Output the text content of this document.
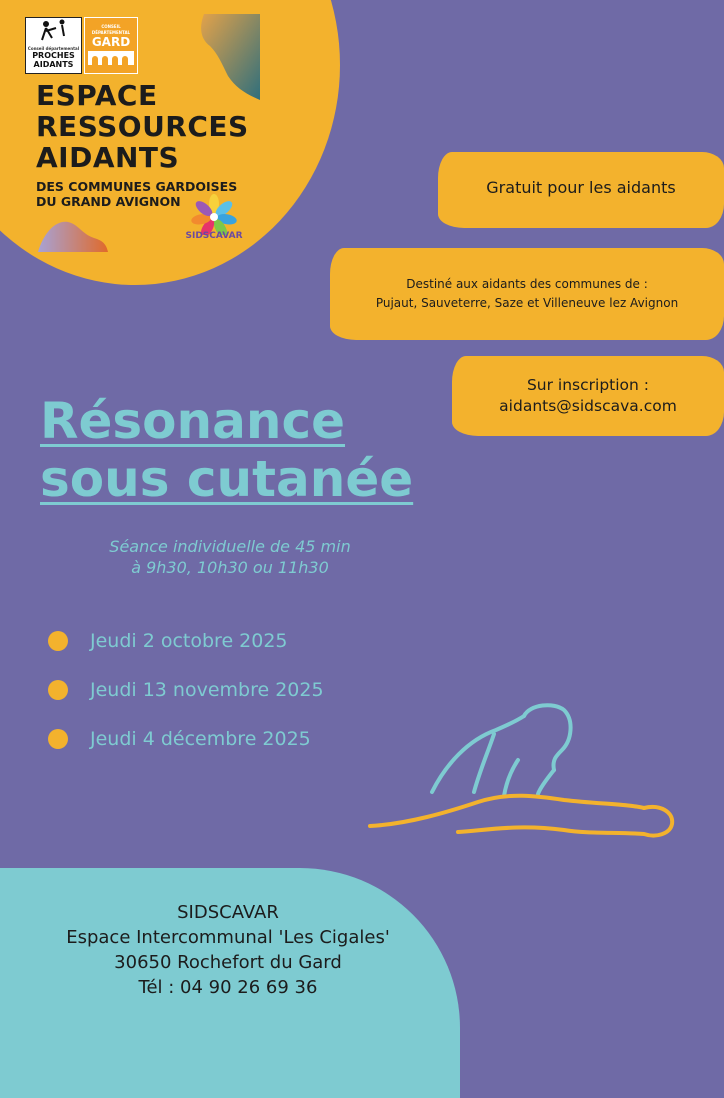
Conseil départemental
PROCHES
AIDANTS
CONSEIL DÉPARTEMENTAL
GARD
ESPACE
RESSOURCES
AIDANTS
DES COMMUNES GARDOISES
DU GRAND AVIGNON
SIDSCAVAR
Gratuit pour les aidants
Destiné aux aidants des communes de :
Pujaut, Sauveterre, Saze et Villeneuve lez Avignon
Sur inscription :
aidants@sidscava.com
Résonance
sous cutanée
Séance individuelle de 45 min
à 9h30, 10h30 ou 11h30
Jeudi 2 octobre 2025
Jeudi 13 novembre 2025
Jeudi 4 décembre 2025
SIDSCAVAR
Espace Intercommunal 'Les Cigales'
30650 Rochefort du Gard
Tél : 04 90 26 69 36
